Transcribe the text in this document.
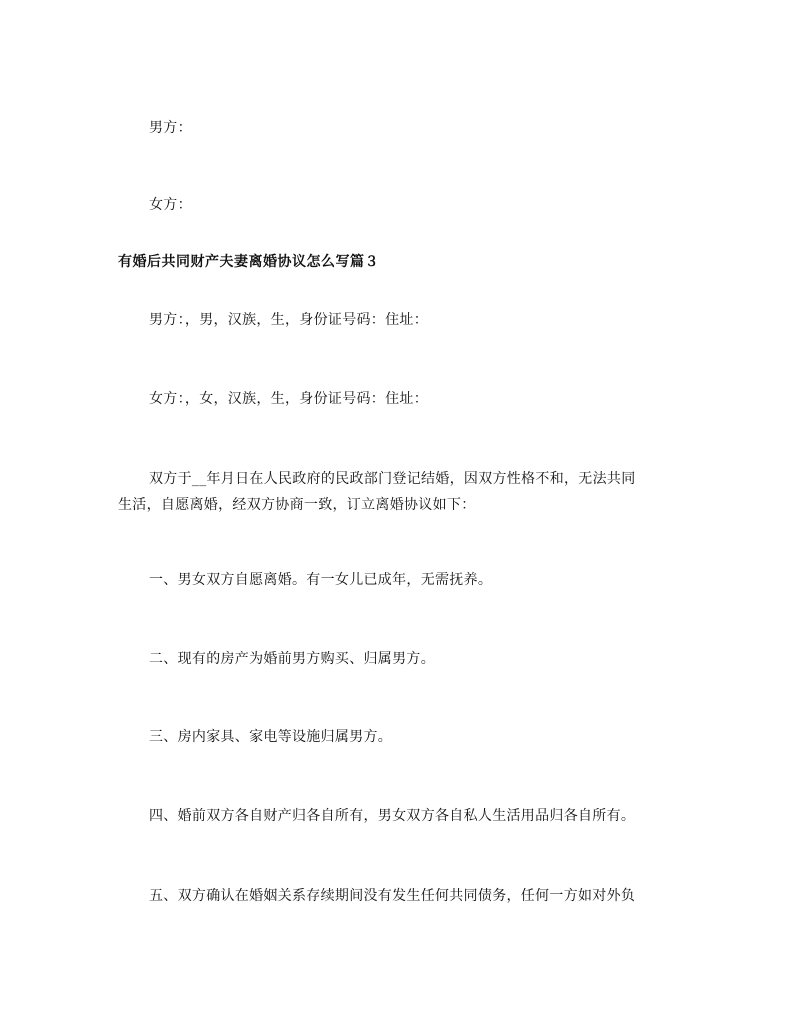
男方：
女方：
有婚后共同财产夫妻离婚协议怎么写篇３
男方：，男，汉族，生，身份证号码：住址：
女方：，女，汉族，生，身份证号码：住址：
双方于__年月日在人民政府的民政部门登记结婚，因双方性格不和，无法共同
生活，自愿离婚，经双方协商一致，订立离婚协议如下：
一、男女双方自愿离婚。有一女儿已成年，无需抚养。
二、现有的房产为婚前男方购买、归属男方。
三、房内家具、家电等设施归属男方。
四、婚前双方各自财产归各自所有，男女双方各自私人生活用品归各自所有。
五、双方确认在婚姻关系存续期间没有发生任何共同债务，任何一方如对外负
